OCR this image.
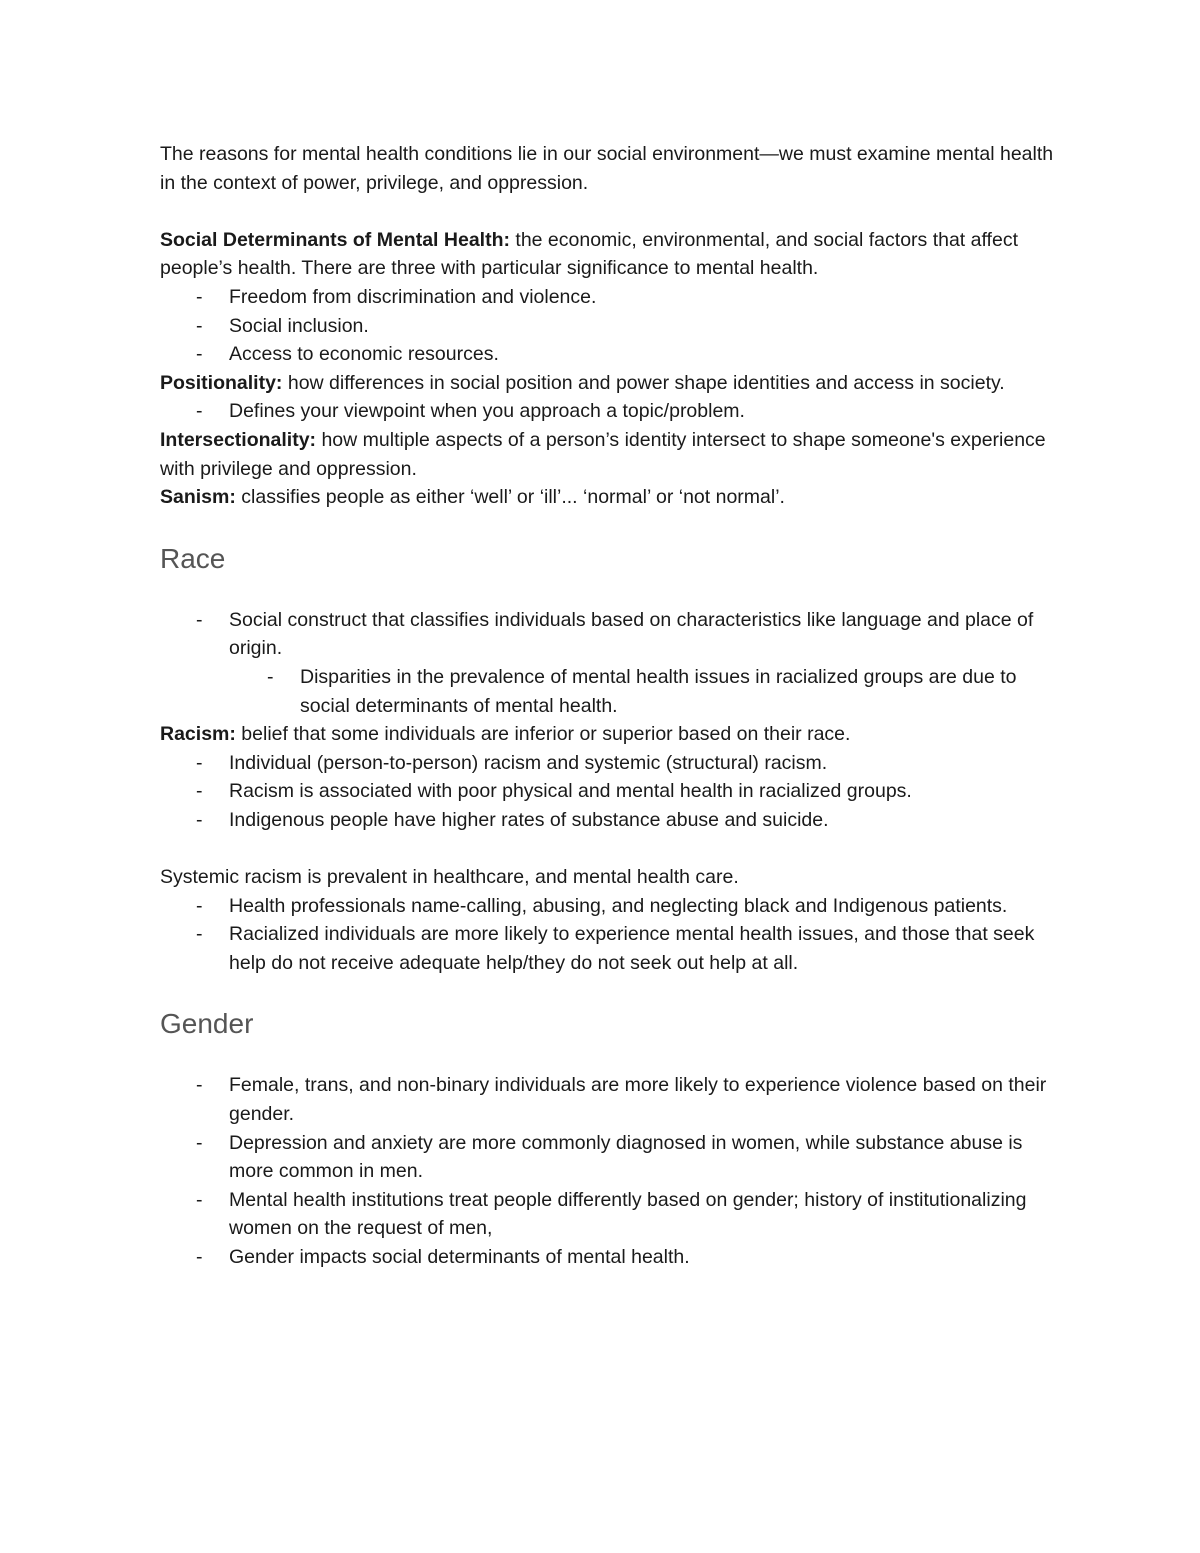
The reasons for mental health conditions lie in our social environment—we must examine mental health in the context of power, privilege, and oppression.

Social Determinants of Mental Health: the economic, environmental, and social factors that affect people’s health. There are three with particular significance to mental health.

- Freedom from discrimination and violence.
- Social inclusion.
- Access to economic resources.

Positionality: how differences in social position and power shape identities and access in society.

- Defines your viewpoint when you approach a topic/problem.

Intersectionality: how multiple aspects of a person’s identity intersect to shape someone's experience with privilege and oppression.

Sanism: classifies people as either ‘well’ or ‘ill’... ‘normal’ or ‘not normal’.

Race
- Social construct that classifies individuals based on characteristics like language and place of origin.
- Disparities in the prevalence of mental health issues in racialized groups are due to social determinants of mental health.

Racism: belief that some individuals are inferior or superior based on their race.

- Individual (person-to-person) racism and systemic (structural) racism.
- Racism is associated with poor physical and mental health in racialized groups.
- Indigenous people have higher rates of substance abuse and suicide.

Systemic racism is prevalent in healthcare, and mental health care.

- Health professionals name-calling, abusing, and neglecting black and Indigenous patients.
- Racialized individuals are more likely to experience mental health issues, and those that seek help do not receive adequate help/they do not seek out help at all.
Gender
- Female, trans, and non-binary individuals are more likely to experience violence based on their gender.
- Depression and anxiety are more commonly diagnosed in women, while substance abuse is more common in men.
- Mental health institutions treat people differently based on gender; history of institutionalizing women on the request of men,
- Gender impacts social determinants of mental health.
